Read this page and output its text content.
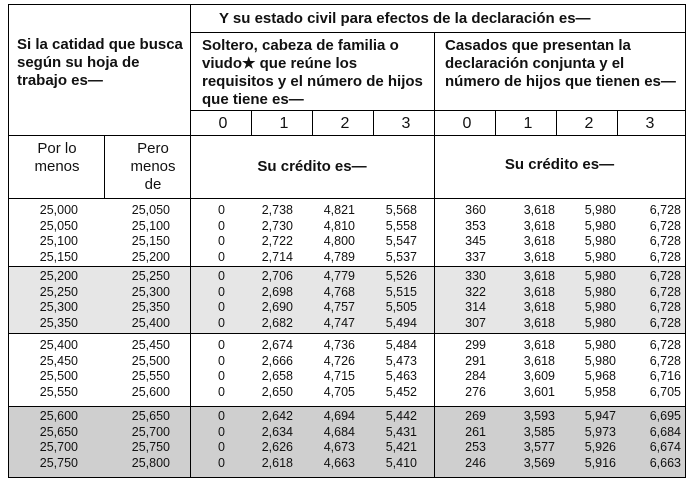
Y su estado civil para efectos de la declaración es—
Si la catidad que busca según su hoja de trabajo es—
Soltero, cabeza de familia o viudo★ que reúne los requisitos y el número de hijos que tiene es—
Casados que presentan la declaración conjunta y el número de hijos que tienen es—
0	1	2	3	0	1	2	3
Por lo menos
Pero menos de
Su crédito es—	Su crédito es—
25,000	25,050	0	2,738	4,821	5,568	360	3,618	5,980	6,728
25,050	25,100	0	2,730	4,810	5,558	353	3,618	5,980	6,728
25,100	25,150	0	2,722	4,800	5,547	345	3,618	5,980	6,728
25,150	25,200	0	2,714	4,789	5,537	337	3,618	5,980	6,728
25,200	25,250	0	2,706	4,779	5,526	330	3,618	5,980	6,728
25,250	25,300	0	2,698	4,768	5,515	322	3,618	5,980	6,728
25,300	25,350	0	2,690	4,757	5,505	314	3,618	5,980	6,728
25,350	25,400	0	2,682	4,747	5,494	307	3,618	5,980	6,728
25,400	25,450	0	2,674	4,736	5,484	299	3,618	5,980	6,728
25,450	25,500	0	2,666	4,726	5,473	291	3,618	5,980	6,728
25,500	25,550	0	2,658	4,715	5,463	284	3,609	5,968	6,716
25,550	25,600	0	2,650	4,705	5,452	276	3,601	5,958	6,705
25,600	25,650	0	2,642	4,694	5,442	269	3,593	5,947	6,695
25,650	25,700	0	2,634	4,684	5,431	261	3,585	5,973	6,684
25,700	25,750	0	2,626	4,673	5,421	253	3,577	5,926	6,674
25,750	25,800	0	2,618	4,663	5,410	246	3,569	5,916	6,663
